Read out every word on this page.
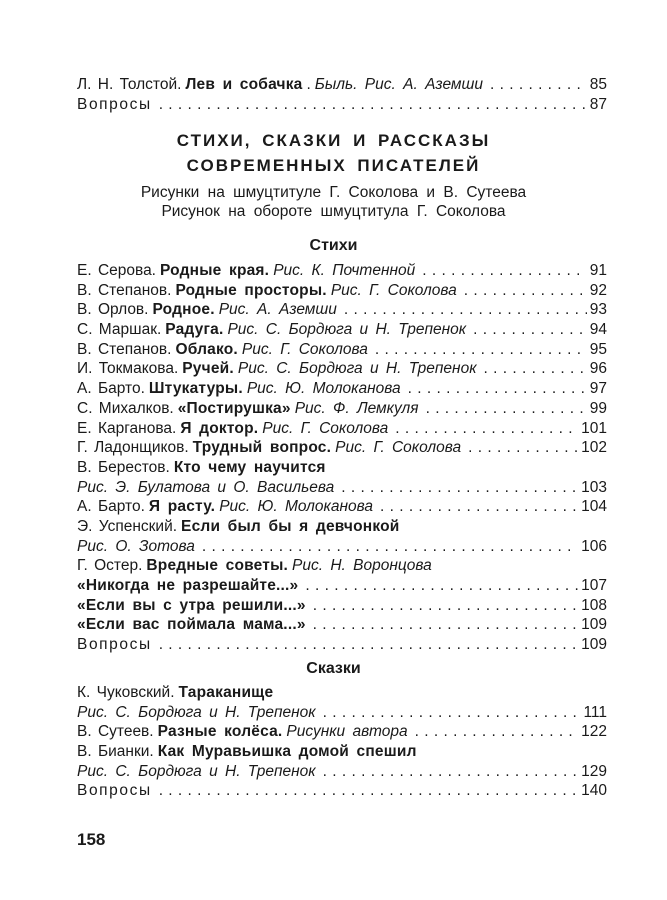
Л. Н. Толстой. Лев и собачка . Быль. Рис. А. Аземши . . .	85
Вопросы . . .	87
СТИХИ, СКАЗКИ И РАССКАЗЫ
СОВРЕМЕННЫХ ПИСАТЕЛЕЙ
Рисунки на шмуцтитуле Г. Соколова и В. Сутеева
Рисунок на обороте шмуцтитула Г. Соколова
Стихи
Е. Серова. Родные края. Рис. К. Почтенной . . .	91
В. Степанов. Родные просторы. Рис. Г. Соколова . . .	92
В. Орлов. Родное. Рис. А. Аземши . . .	93
С. Маршак. Радуга. Рис. С. Бордюга и Н. Трепенок . . .	94
В. Степанов. Облако. Рис. Г. Соколова . . .	95
И. Токмакова. Ручей. Рис. С. Бордюга и Н. Трепенок . . .	96
А. Барто. Штукатуры. Рис. Ю. Молоканова . . .	97
С. Михалков. «Постирушка» Рис. Ф. Лемкуля . . .	99
Е. Карганова. Я доктор. Рис. Г. Соколова . . .	101
Г. Ладонщиков. Трудный вопрос. Рис. Г. Соколова . . .	102
В. Берестов. Кто чему научится
Рис. Э. Булатова и О. Васильева . . .	103
А. Барто. Я расту. Рис. Ю. Молоканова . . .	104
Э. Успенский. Если был бы я девчонкой
Рис. О. Зотова . . .	106
Г. Остер. Вредные советы. Рис. Н. Воронцова
«Никогда не разрешайте...» . . .	107
«Если вы с утра решили...» . . .	108
«Если вас поймала мама...» . . .	109
Вопросы . . .	109
Сказки
К. Чуковский. Тараканище
Рис. С. Бордюга и Н. Трепенок . . .	111
В. Сутеев. Разные колёса. Рисунки автора . . .	122
В. Бианки. Как Муравьишка домой спешил
Рис. С. Бордюга и Н. Трепенок . . .	129
Вопросы . . .	140
158
